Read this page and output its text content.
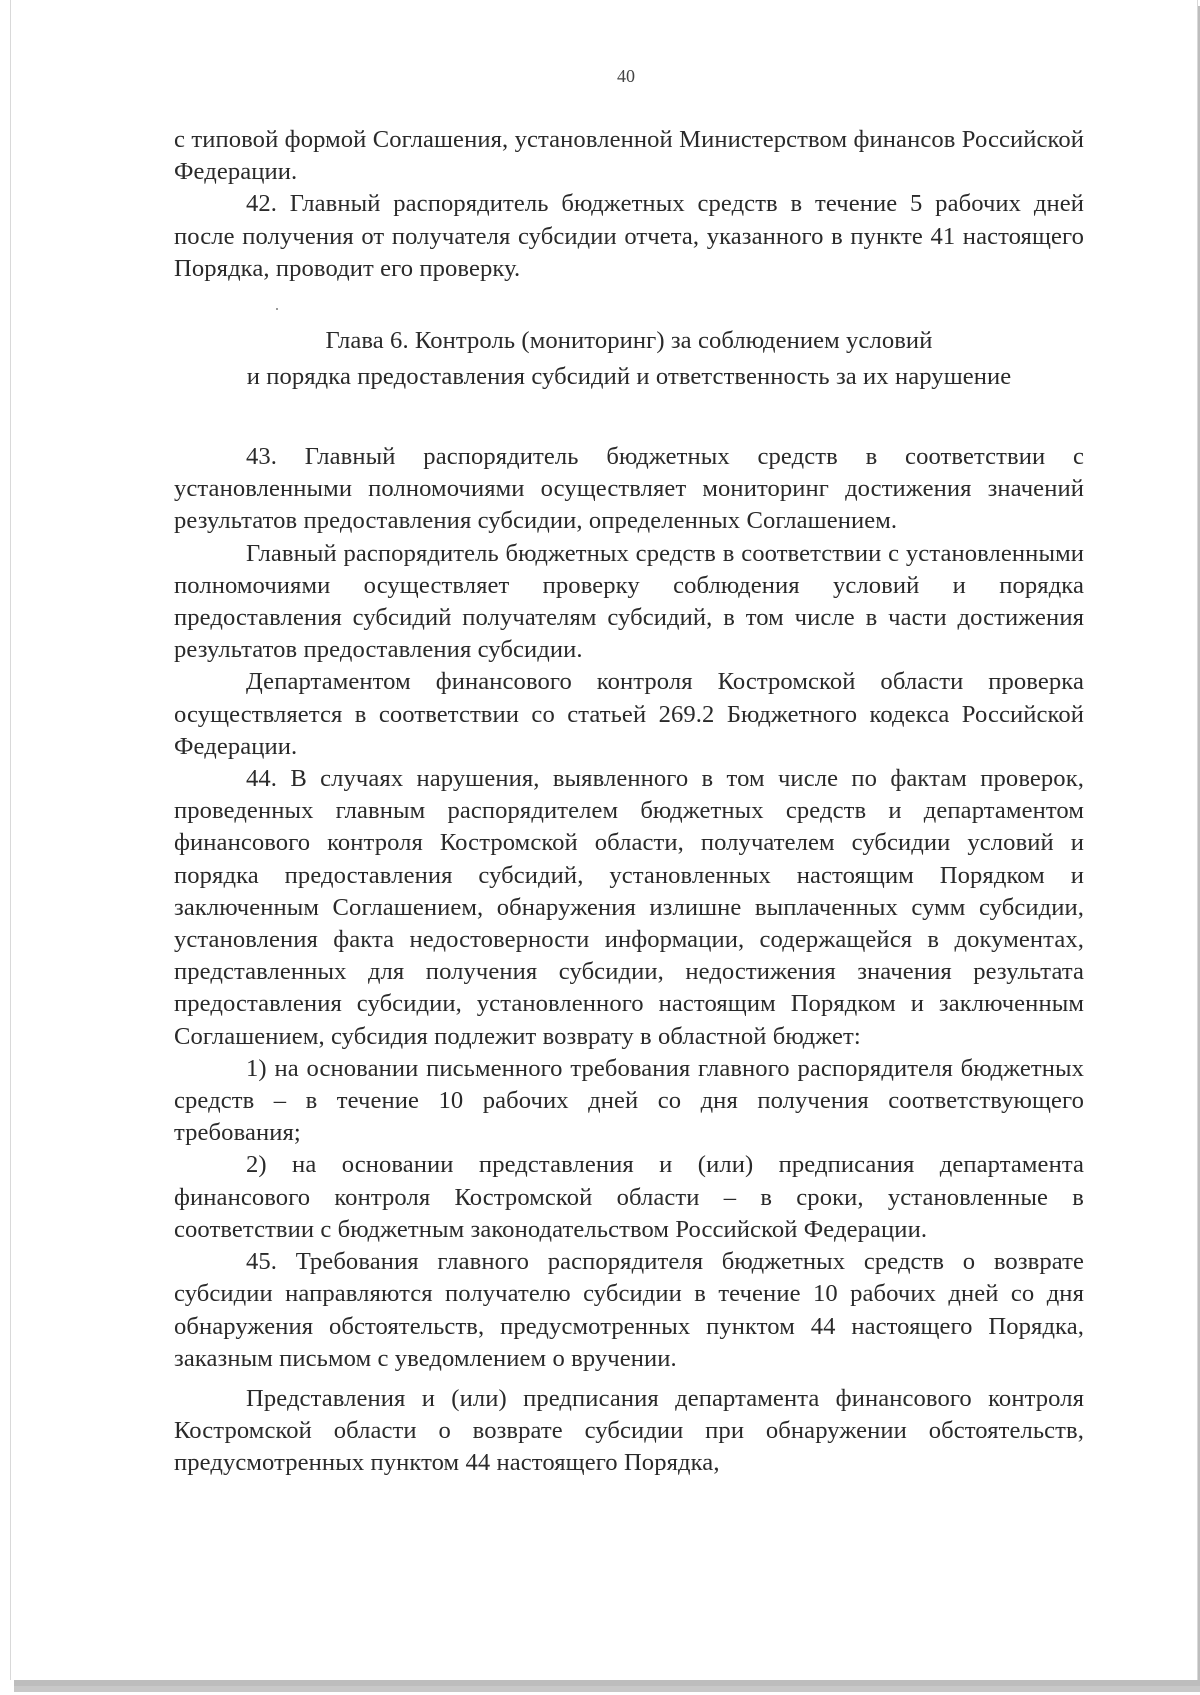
40

с типовой формой Соглашения, установленной Министерством финансов Российской Федерации.

42. Главный распорядитель бюджетных средств в течение 5 рабочих дней после получения от получателя субсидии отчета, указанного в пункте 41 настоящего Порядка, проводит его проверку.

Глава 6. Контроль (мониторинг) за соблюдением условий
и порядка предоставления субсидий и ответственность за их нарушение

43. Главный распорядитель бюджетных средств в соответствии с установленными полномочиями осуществляет мониторинг достижения значений результатов предоставления субсидии, определенных Соглашением.

Главный распорядитель бюджетных средств в соответствии с установленными полномочиями осуществляет проверку соблюдения условий и порядка предоставления субсидий получателям субсидий, в том числе в части достижения результатов предоставления субсидии.

Департаментом финансового контроля Костромской области проверка осуществляется в соответствии со статьей 269.2 Бюджетного кодекса Российской Федерации.

44. В случаях нарушения, выявленного в том числе по фактам проверок, проведенных главным распорядителем бюджетных средств и департаментом финансового контроля Костромской области, получателем субсидии условий и порядка предоставления субсидий, установленных настоящим Порядком и заключенным Соглашением, обнаружения излишне выплаченных сумм субсидии, установления факта недостоверности информации, содержащейся в документах, представленных для получения субсидии, недостижения значения результата предоставления субсидии, установленного настоящим Порядком и заключенным Соглашением, субсидия подлежит возврату в областной бюджет:

1) на основании письменного требования главного распорядителя бюджетных средств – в течение 10 рабочих дней со дня получения соответствующего требования;

2) на основании представления и (или) предписания департамента финансового контроля Костромской области – в сроки, установленные в соответствии с бюджетным законодательством Российской Федерации.

45. Требования главного распорядителя бюджетных средств о возврате субсидии направляются получателю субсидии в течение 10 рабочих дней со дня обнаружения обстоятельств, предусмотренных пунктом 44 настоящего Порядка, заказным письмом с уведомлением о вручении.

Представления и (или) предписания департамента финансового контроля Костромской области о возврате субсидии при обнаружении обстоятельств, предусмотренных пунктом 44 настоящего Порядка,
